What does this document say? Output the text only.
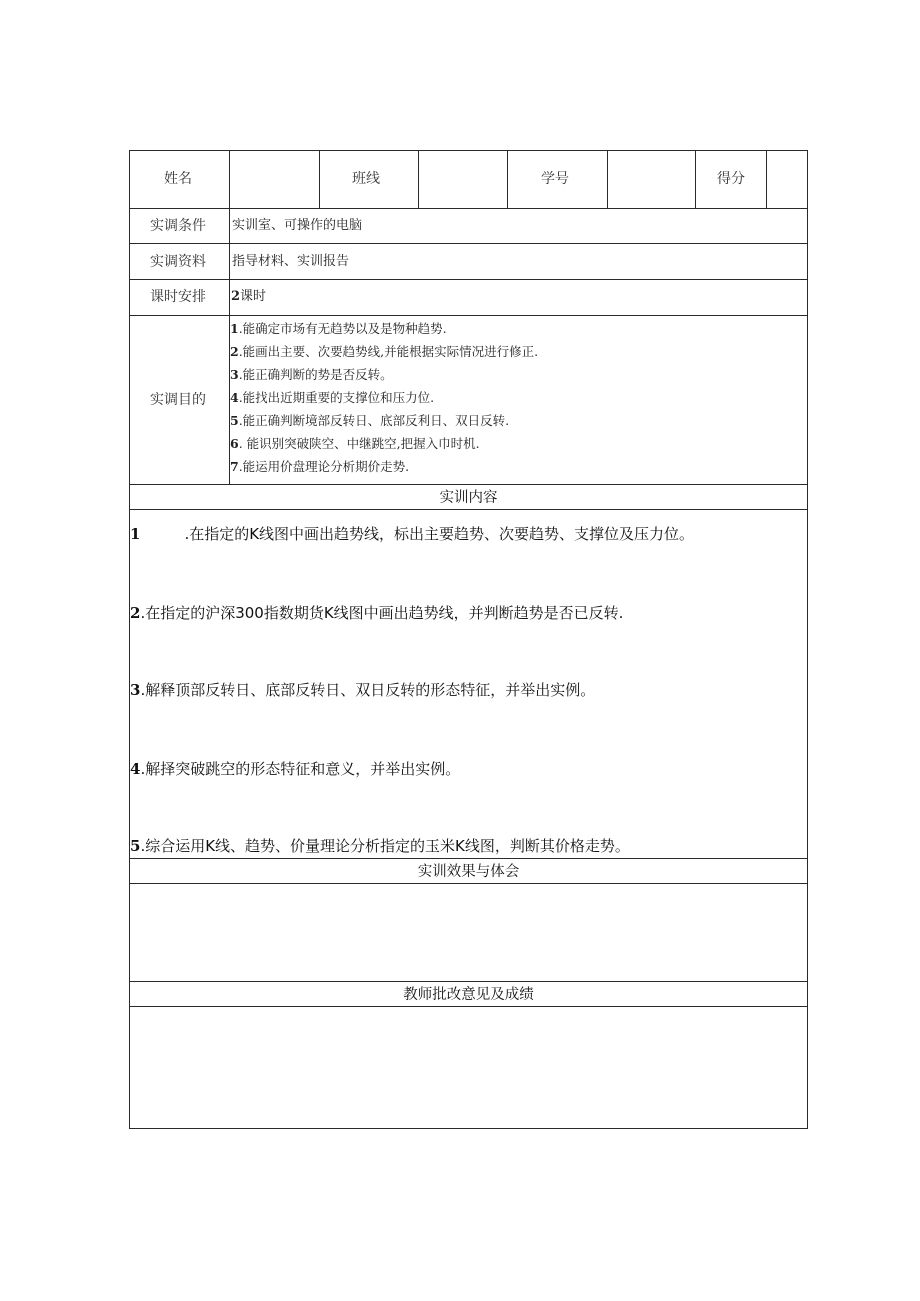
姓名	班线	学号	得分
实调条件 实训室、可操作的电脑
实调资料 指导材料、实训报告
课时安排 2课时
实调目的
1.能确定市场有无趋势以及是物种趋势.
2.能画出主要、次要趋势线,并能根据实际情况进行修正.
3.能正确判断的势是否反转。
4.能找出近期重要的支撑位和压力位.
5.能正确判断境部反转日、底部反利日、双日反转.
6. 能识别突破陕空、中继跳空,把握入巾时机.
7.能运用价盘理论分析期价走势.
实训内容
1	.在指定的K线图中画出趋势线，标出主要趋势、次要趋势、支撑位及压力位。
2.在指定的沪深300指数期货K线图中画出趋势线，并判断趋势是否已反转.
3.解释顶部反转日、底部反转日、双日反转的形态特征，并举出实例。
4.解择突破跳空的形态特征和意义，并举出实例。
5.综合运用K线、趋势、价量理论分析指定的玉米K线图，判断其价格走势。
实训效果与体会
教师批改意见及成绩
